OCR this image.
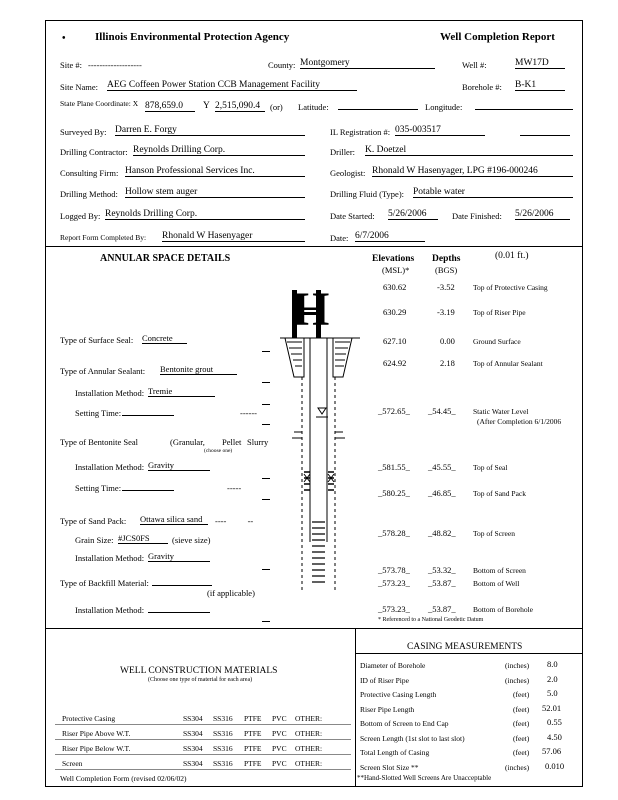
•	Illinois Environmental Protection Agency	Well Completion Report
Site #: -------------------	County: Montgomery	Well #:	MW17D
Site Name: AEG Coffeen Power Station CCB Management Facility	Borehole #: B-K1
State Plane Coordinate: X 878,659.0	Y 2,515,090.4	(or) Latitude:	Longitude:
Surveyed By: Darren E. Forgy	IL Registration #: 035-003517
Drilling Contractor: Reynolds Drilling Corp.	Driller: K. Doetzel
Consulting Firm: Hanson Professional Services Inc.	Geologist: Rhonald W Hasenyager, LPG #196-000246
Drilling Method: Hollow stem auger	Drilling Fluid (Type): Potable water
Logged By: Reynolds Drilling Corp.	Date Started: 5/26/2006	Date Finished: 5/26/2006
Report Form Completed By: Rhonald W Hasenyager	Date: 6/7/2006
ANNULAR SPACE DETAILS	Elevations
(MSL)*
Depths
(BGS)
(0.01 ft.)
630.62	-3.52 Top of Protective Casing
630.29	-3.19 Top of Riser Pipe
627.10	0.00 Ground Surface
624.92	2.18 Top of Annular Sealant
_572.65_ _54.45_ Static Water Level
(After Completion 6/1/2006
_581.55_ _45.55_ Top of Seal
_580.25_ _46.85_ Top of Sand Pack
_578.28_ _48.82_ Top of Screen
_573.78_ _53.32_ Bottom of Screen
_573.23_ _53.87_ Bottom of Well
_573.23_ _53.87_ Bottom of Borehole
* Referenced to a National Geodetic Datum
Type of Surface Seal: Concrete
Type of Annular Sealant: Bentonite grout
Installation Method: Tremie
Setting Time:	------
Type of Bentonite Seal	(Granular, Pellet Slurry
(choose one)
Installation Method: Gravity
Setting Time:	-----
Type of Sand Pack: Ottawa silica sand	----          --
Grain Size: #JCS0FS	(sieve size)
Installation Method: Gravity
Type of Backfill Material:
(if applicable)
Installation Method:
H
WELL CONSTRUCTION MATERIALS
(Choose one type of material for each area)
Protective Casing	SS304 SS316 PTFE PVC OTHER:
Riser Pipe Above W.T.	SS304 SS316 PTFE PVC OTHER:
Riser Pipe Below W.T.	SS304 SS316 PTFE PVC OTHER:
Screen	SS304 SS316 PTFE PVC OTHER:
Well Completion Form (revised 02/06/02)
CASING MEASUREMENTS
Diameter of Borehole	(inches) 8.0
ID of Riser Pipe	(inches) 2.0
Protective Casing Length	(feet) 5.0
Riser Pipe Length	(feet) 52.01
Bottom of Screen to End Cap	(feet) 0.55
Screen Length (1st slot to last slot)	(feet) 4.50
Total Length of Casing	(feet) 57.06
Screen Slot Size **	(inches) 0.010
**Hand-Slotted Well Screens Are Unacceptable
